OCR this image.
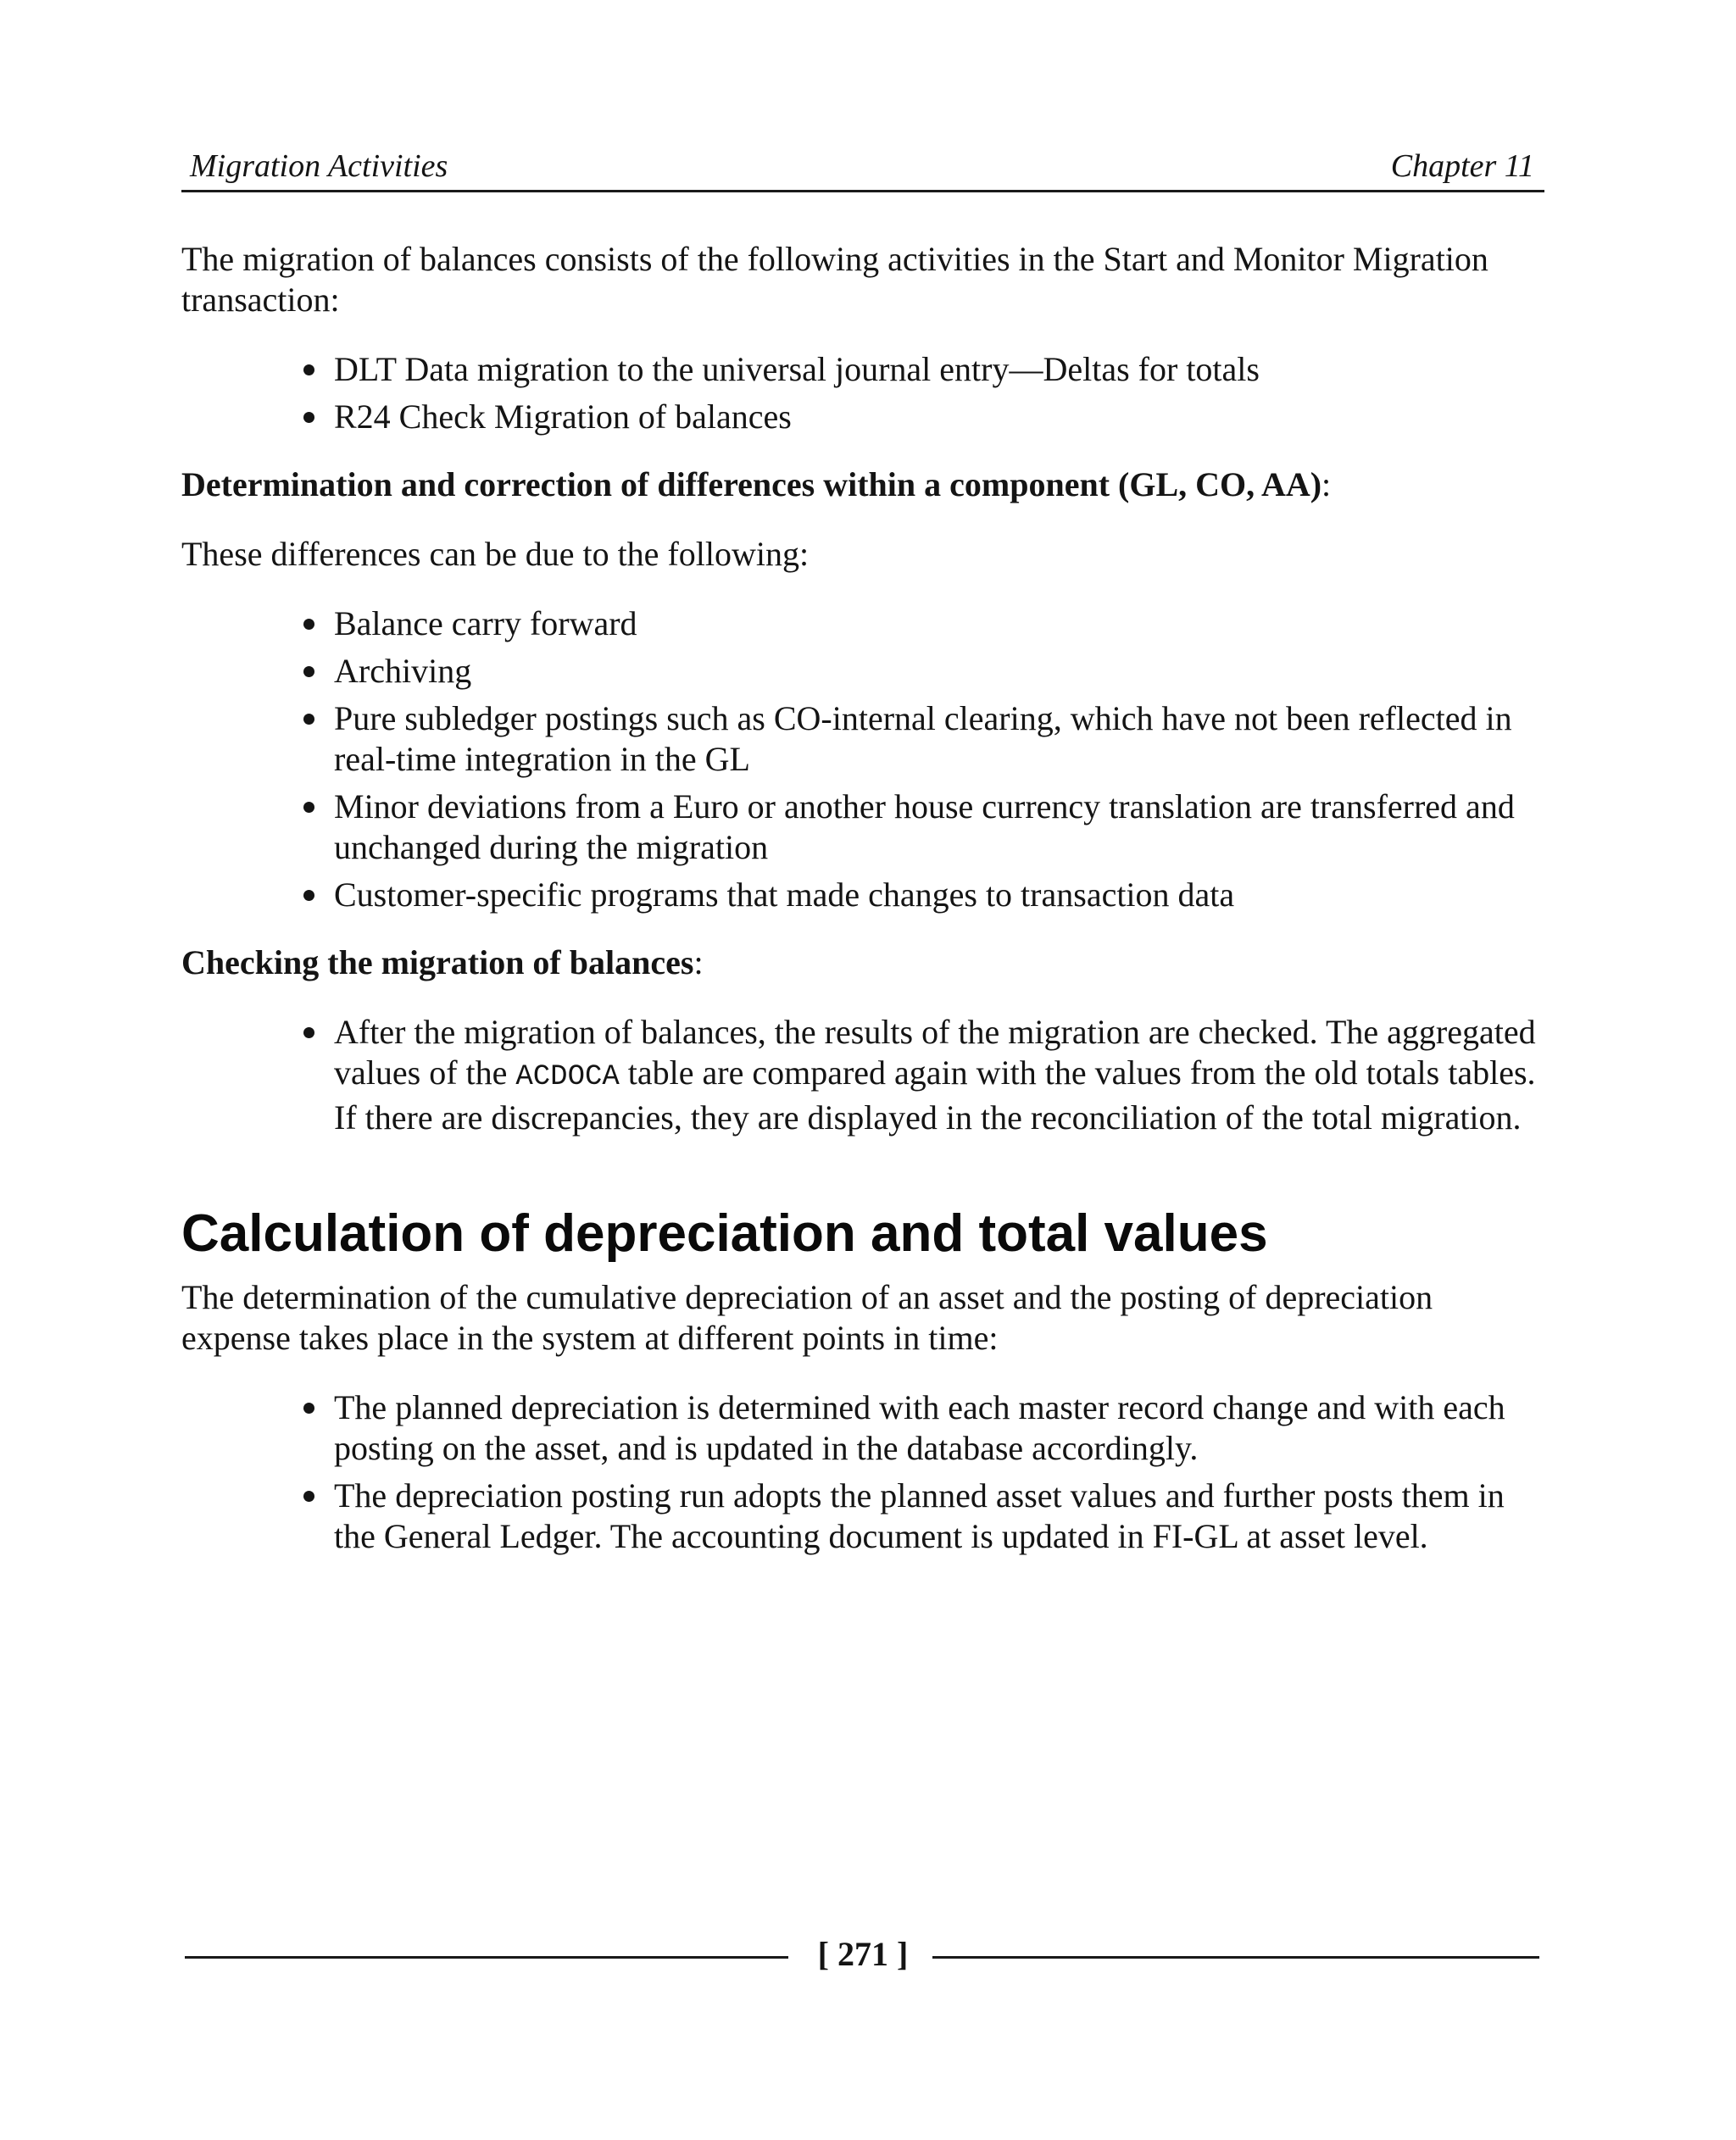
Migration Activities	Chapter 11

The migration of balances consists of the following activities in the Start and Monitor Migration transaction:

DLT Data migration to the universal journal entry—Deltas for totals
R24 Check Migration of balances

Determination and correction of differences within a component (GL, CO, AA):

These differences can be due to the following:

Balance carry forward
Archiving
Pure subledger postings such as CO-internal clearing, which have not been reflected in real-time integration in the GL
Minor deviations from a Euro or another house currency translation are transferred and unchanged during the migration
Customer-specific programs that made changes to transaction data

Checking the migration of balances:

After the migration of balances, the results of the migration are checked. The aggregated values of the ACDOCA table are compared again with the values from the old totals tables. If there are discrepancies, they are displayed in the reconciliation of the total migration.
Calculation of depreciation and total values

The determination of the cumulative depreciation of an asset and the posting of depreciation expense takes place in the system at different points in time:

The planned depreciation is determined with each master record change and with each posting on the asset, and is updated in the database accordingly.
The depreciation posting run adopts the planned asset values and further posts them in the General Ledger. The accounting document is updated in FI-GL at asset level.
[ 271 ]
